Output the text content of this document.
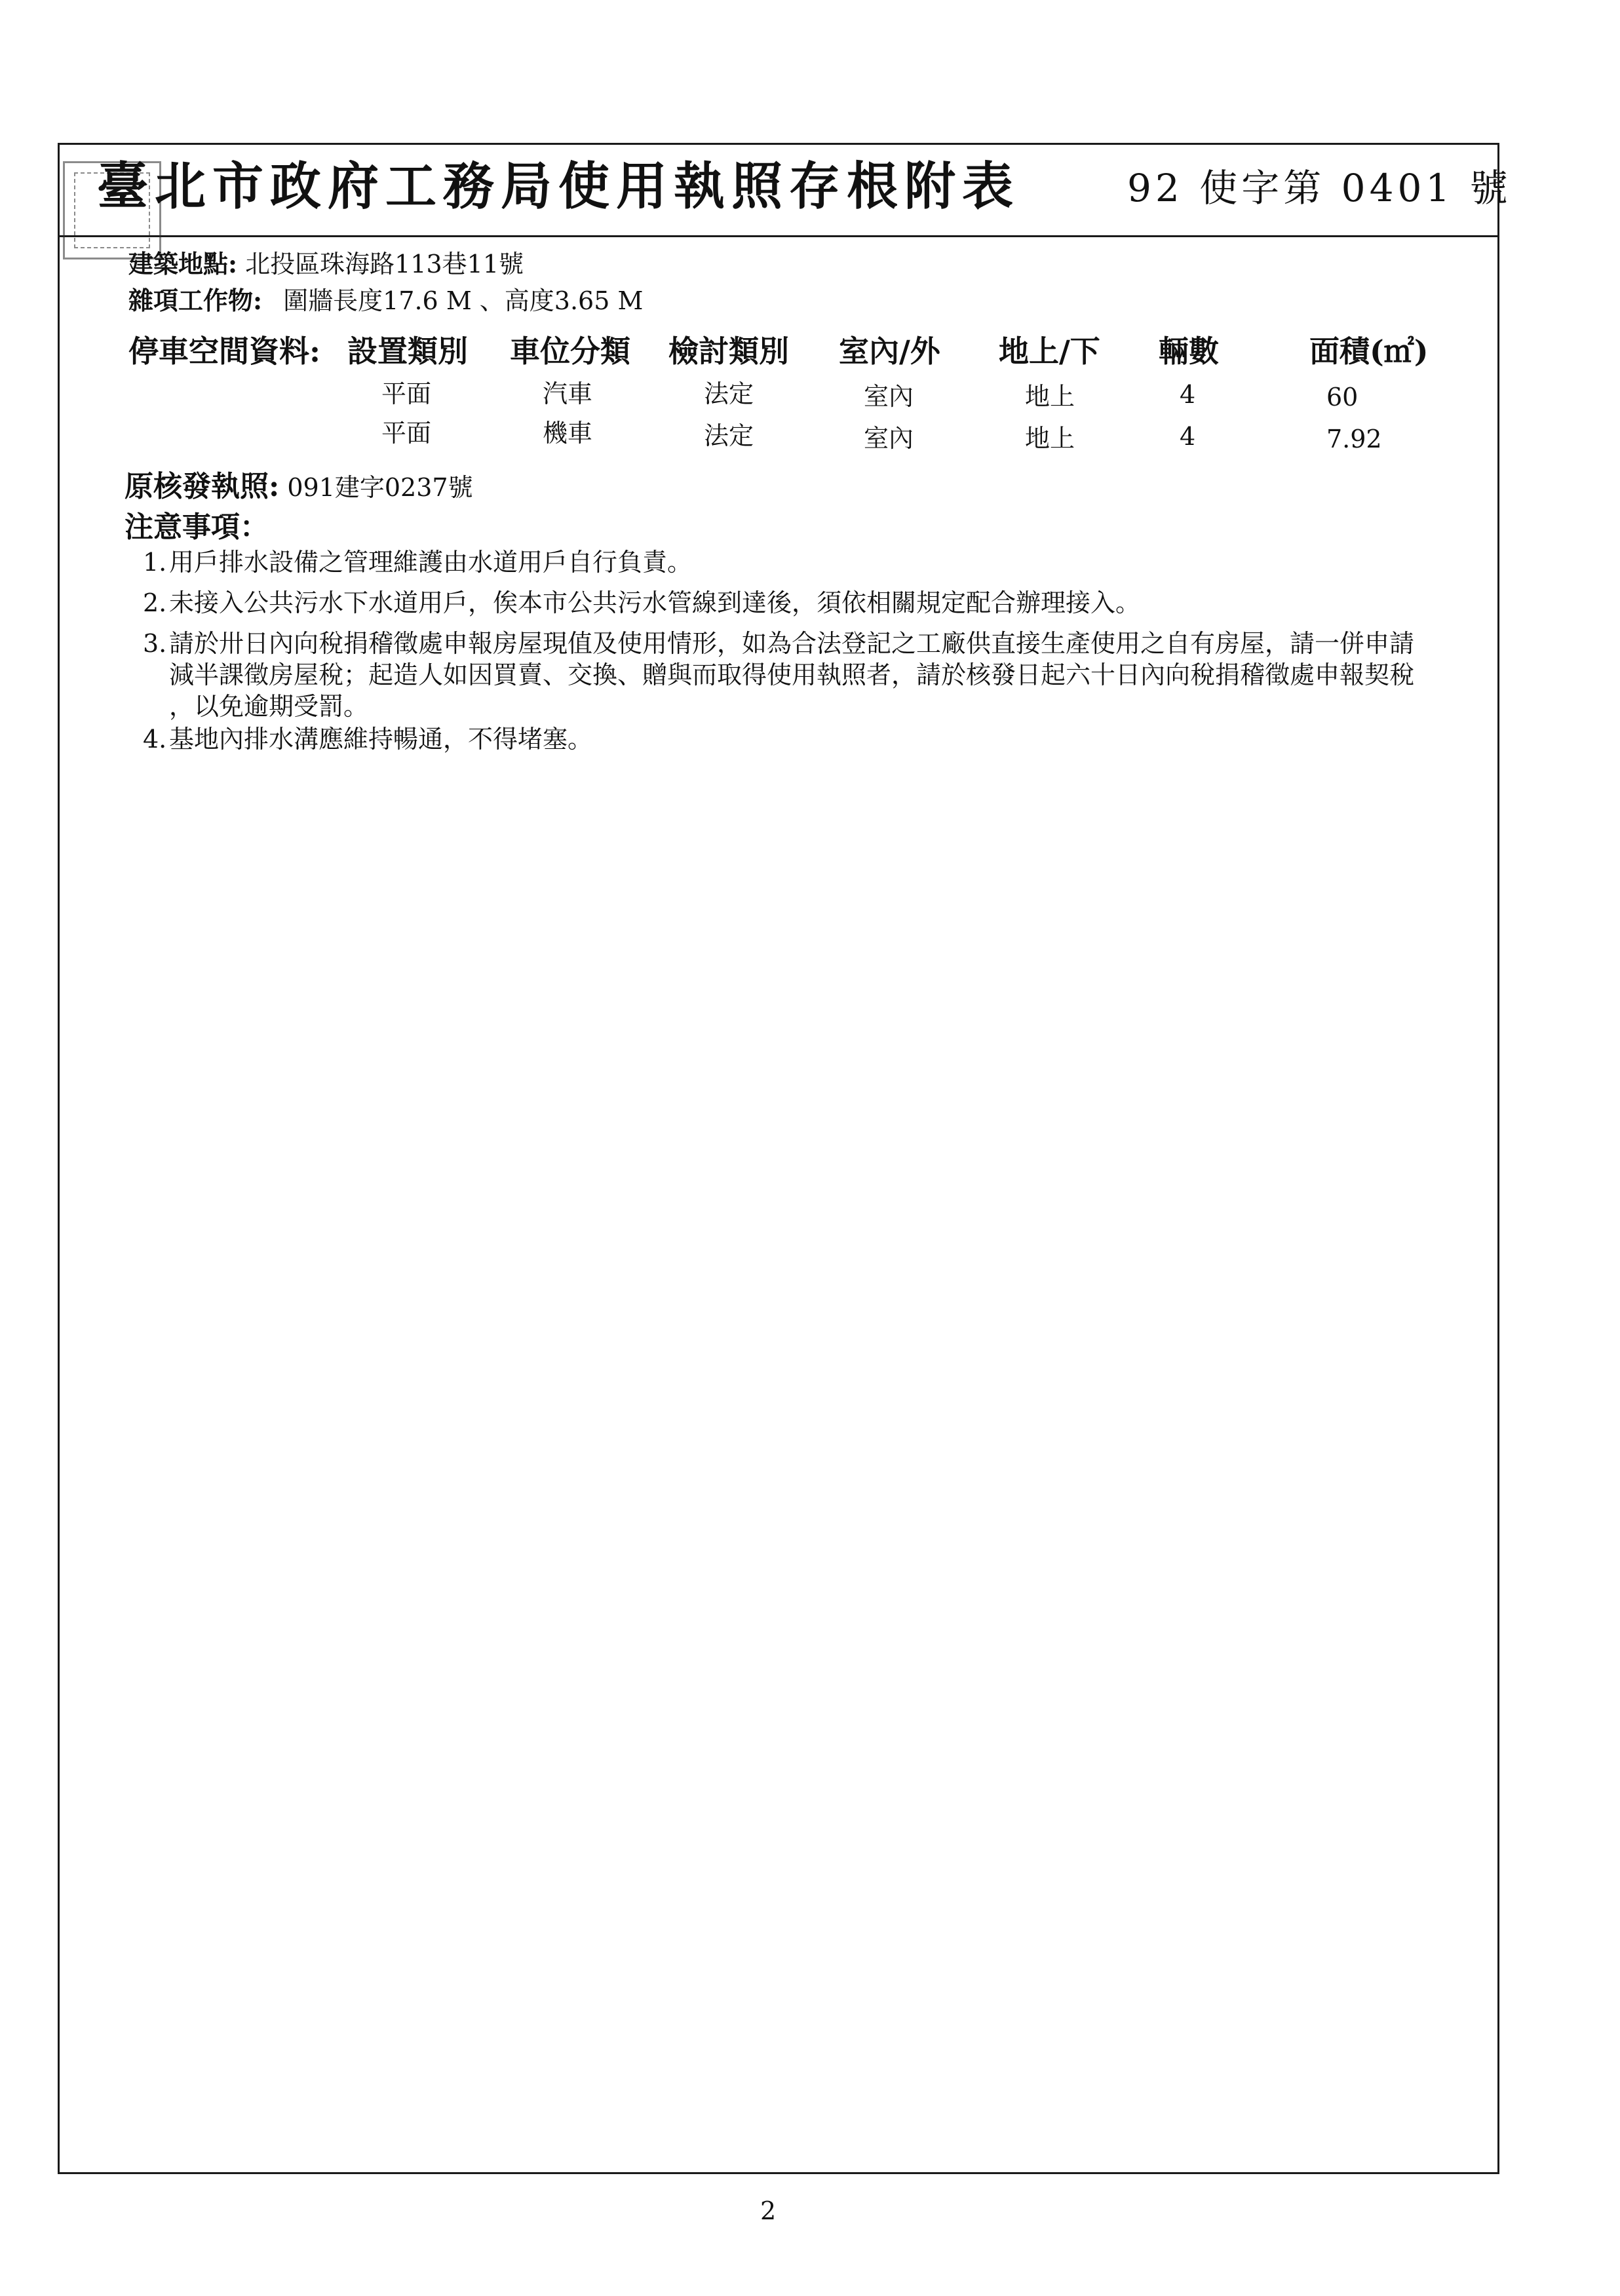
臺北市政府工務局使用執照存根附表	92 使字第 0401 號
建築地點: 北投區珠海路113巷11號
雜項工作物: 圍牆長度17.6 M 、高度3.65 M
停車空間資料: 設置類別 車位分類 檢討類別 室內/外 地上/下 輛數	面積(㎡)
平面	汽車	法定	室內	地上	4	60
平面	機車	法定	室內	地上	4	7.92
原核發執照: 091建字0237號
注意事項：
1.用戶排水設備之管理維護由水道用戶自行負責。
2.未接入公共污水下水道用戶，俟本市公共污水管線到達後，須依相關規定配合辦理接入。
3.請於卅日內向稅捐稽徵處申報房屋現值及使用情形，如為合法登記之工廠供直接生產使用之自有房屋，請一併申請
減半課徵房屋稅；起造人如因買賣、交換、贈與而取得使用執照者，請於核發日起六十日內向稅捐稽徵處申報契稅
，以免逾期受罰。
4.基地內排水溝應維持暢通，不得堵塞。
2
